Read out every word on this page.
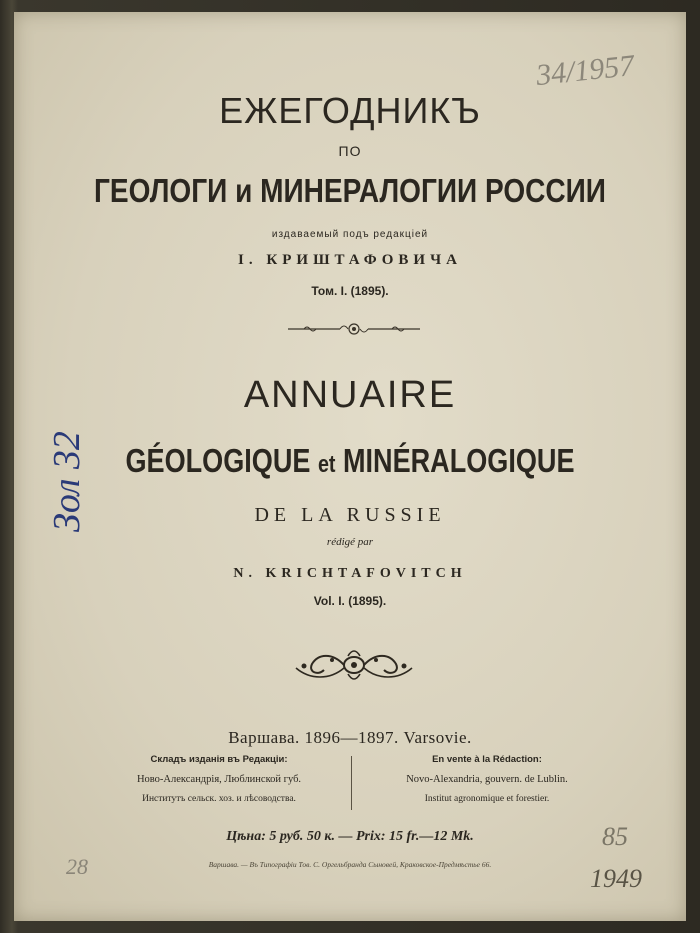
ЕЖЕГОДНИКЪ
ПО
ГЕОЛОГИ и МИНЕРАЛОГИИ РОССИИ
издаваемый подъ редакцiей
I. КРИШТАФОВИЧА
Том. I. (1895).
ANNUAIRE
GÉOLOGIQUE et MINÉRALOGIQUE
DE LA RUSSIE
rédigé par
N. KRICHTAFOVITCH
Vol. I. (1895).
Варшава. 1896—1897. Varsovie.
Складъ изданiя въ Редакцiи:
Ново-Александрiя, Люблинской губ.
Институтъ сельск. хоз. и лѣсоводства.
En vente à la Rédaction:
Novo-Alexandria, gouvern. de Lublin.
Institut agronomique et forestier.
Цѣна: 5 руб. 50 к. — Prix: 15 fr.—12 Mk.
Варшава. — Въ Типографiи Тов. С. Оргельбранда Сыновей, Краковское-Предмѣстье 66.
Зол 32
34/1957
85
1949
28
